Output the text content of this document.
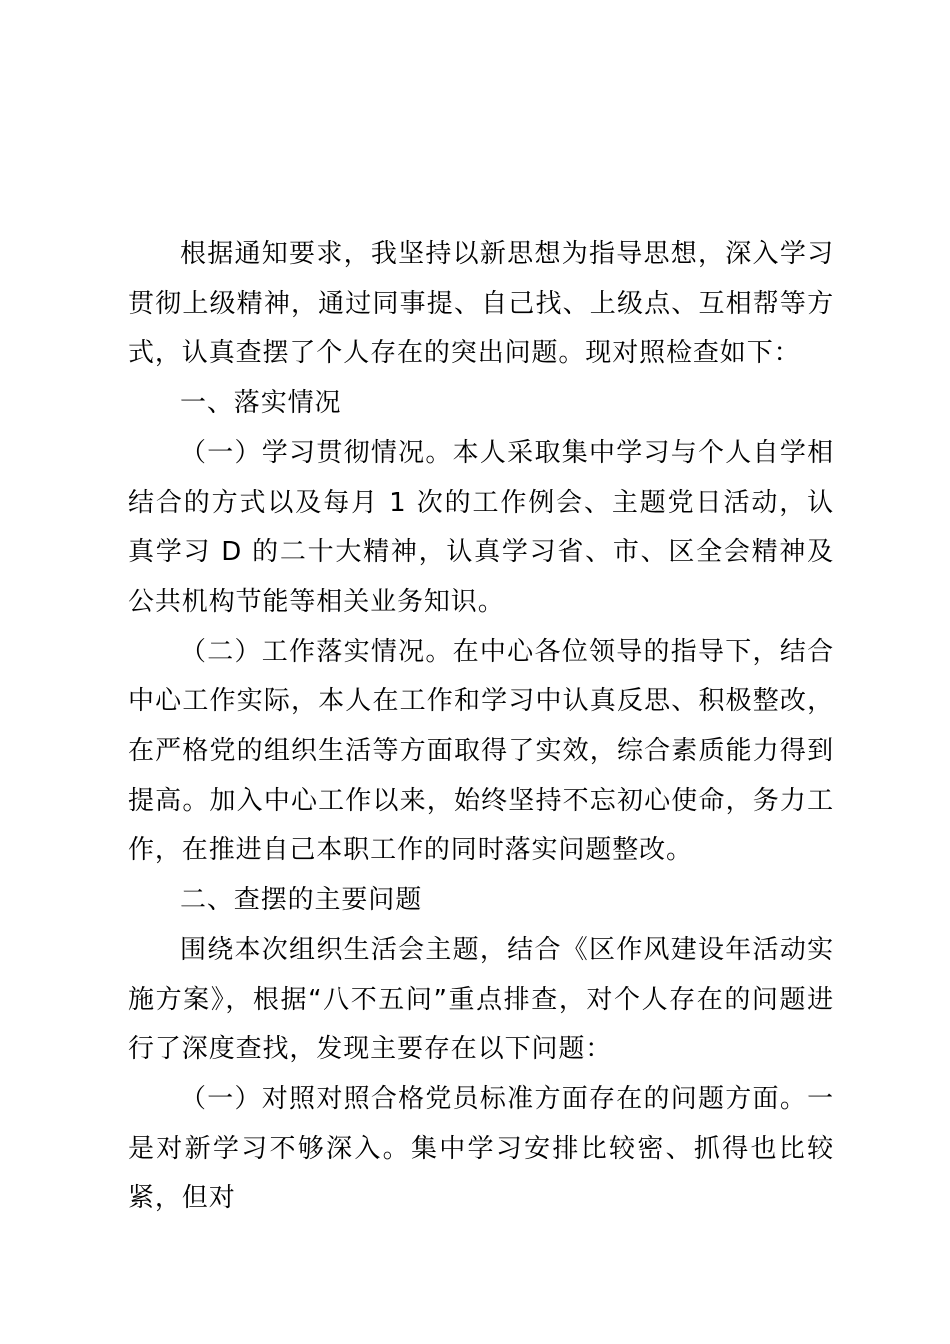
根据通知要求，我坚持以新思想为指导思想，深入学习贯彻上级精神，通过同事提、自己找、上级点、互相帮等方式，认真查摆了个人存在的突出问题。现对照检查如下：

一、落实情况

（一）学习贯彻情况。本人采取集中学习与个人自学相结合的方式以及每月 1 次的工作例会、主题党日活动，认真学习 D 的二十大精神，认真学习省、市、区全会精神及公共机构节能等相关业务知识。

（二）工作落实情况。在中心各位领导的指导下，结合中心工作实际，本人在工作和学习中认真反思、积极整改，在严格党的组织生活等方面取得了实效，综合素质能力得到提高。加入中心工作以来，始终坚持不忘初心使命，务力工作，在推进自己本职工作的同时落实问题整改。

二、查摆的主要问题

围绕本次组织生活会主题，结合《区作风建设年活动实施方案》，根据“八不五问”重点排查，对个人存在的问题进行了深度查找，发现主要存在以下问题：

（一）对照对照合格党员标准方面存在的问题方面。一是对新学习不够深入。集中学习安排比较密、抓得也比较紧，但对
